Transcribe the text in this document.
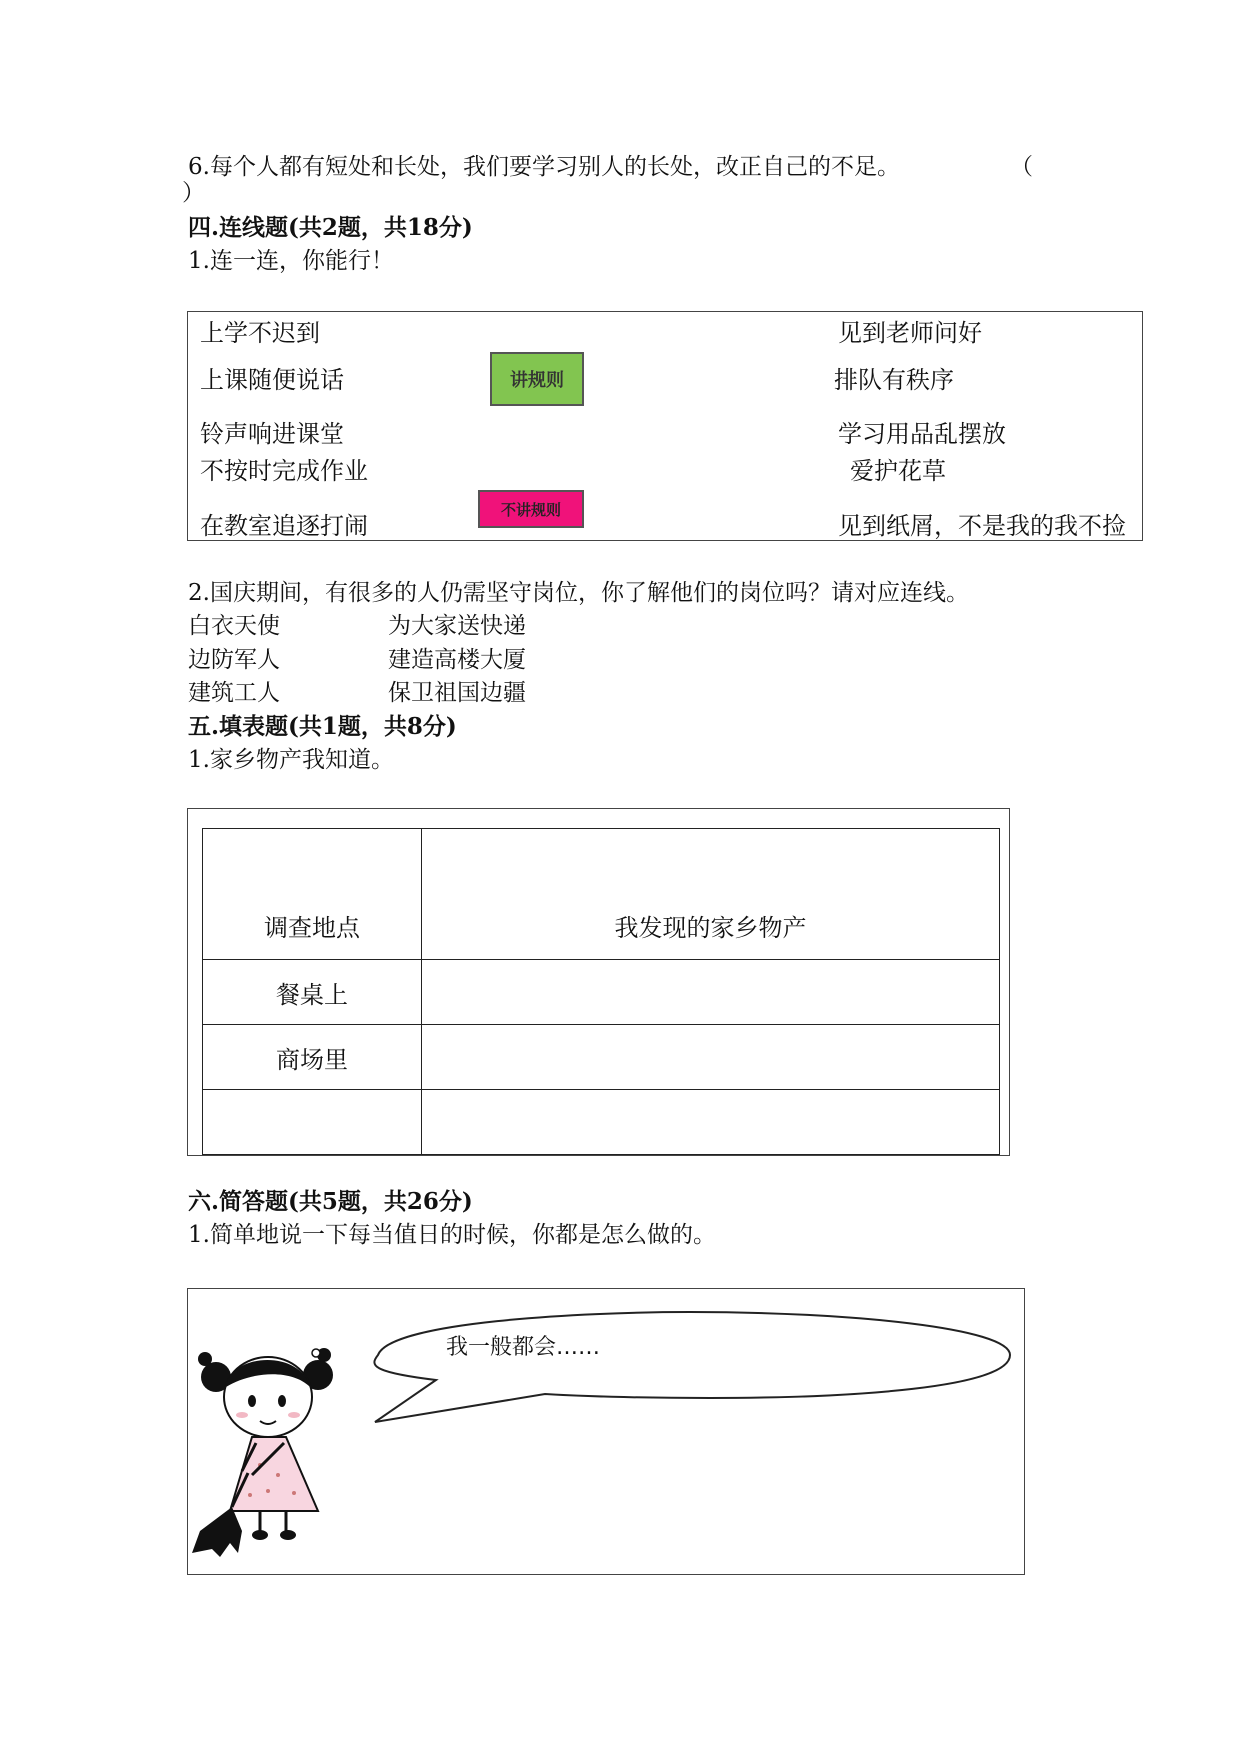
6.每个人都有短处和长处，我们要学习别人的长处，改正自己的不足。	（
）
四.连线题(共2题，共18分)
1.连一连，你能行！
上学不迟到
上课随便说话
铃声响进课堂
不按时完成作业
在教室追逐打闹
讲规则
不讲规则
见到老师问好
排队有秩序
学习用品乱摆放
爱护花草
见到纸屑，不是我的我不捡
2.国庆期间，有很多的人仍需坚守岗位，你了解他们的岗位吗？请对应连线。
白衣天使
边防军人
建筑工人
为大家送快递
建造高楼大厦
保卫祖国边疆
五.填表题(共1题，共8分)
1.家乡物产我知道。
调查地点	我发现的家乡物产
餐桌上	
商场里	

六.简答题(共5题，共26分)
1.简单地说一下每当值日的时候，你都是怎么做的。
我一般都会……
